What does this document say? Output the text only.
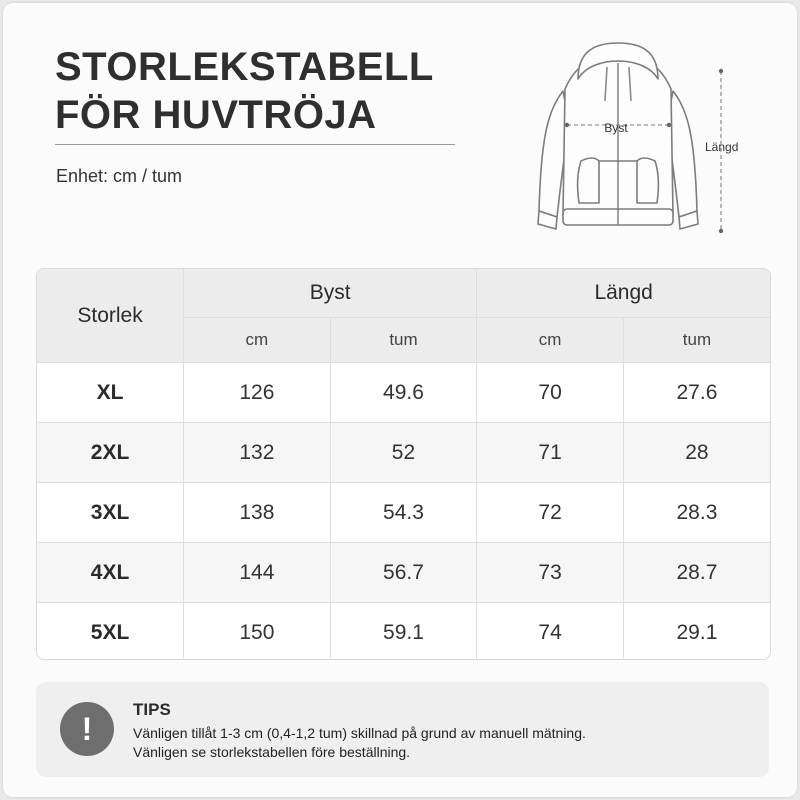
STORLEKSTABELL
FÖR HUVTRÖJA
Enhet: cm / tum
Byst
Längd
Storlek	Byst		Längd	
	cm	tum	cm	tum
XL	126	49.6	70	27.6
2XL	132	52	71	28
3XL	138	54.3	72	28.3
4XL	144	56.7	73	28.7
5XL	150	59.1	74	29.1
!
TIPS
Vänligen tillåt 1-3 cm (0,4-1,2 tum) skillnad på grund av manuell mätning.
Vänligen se storlekstabellen före beställning.
